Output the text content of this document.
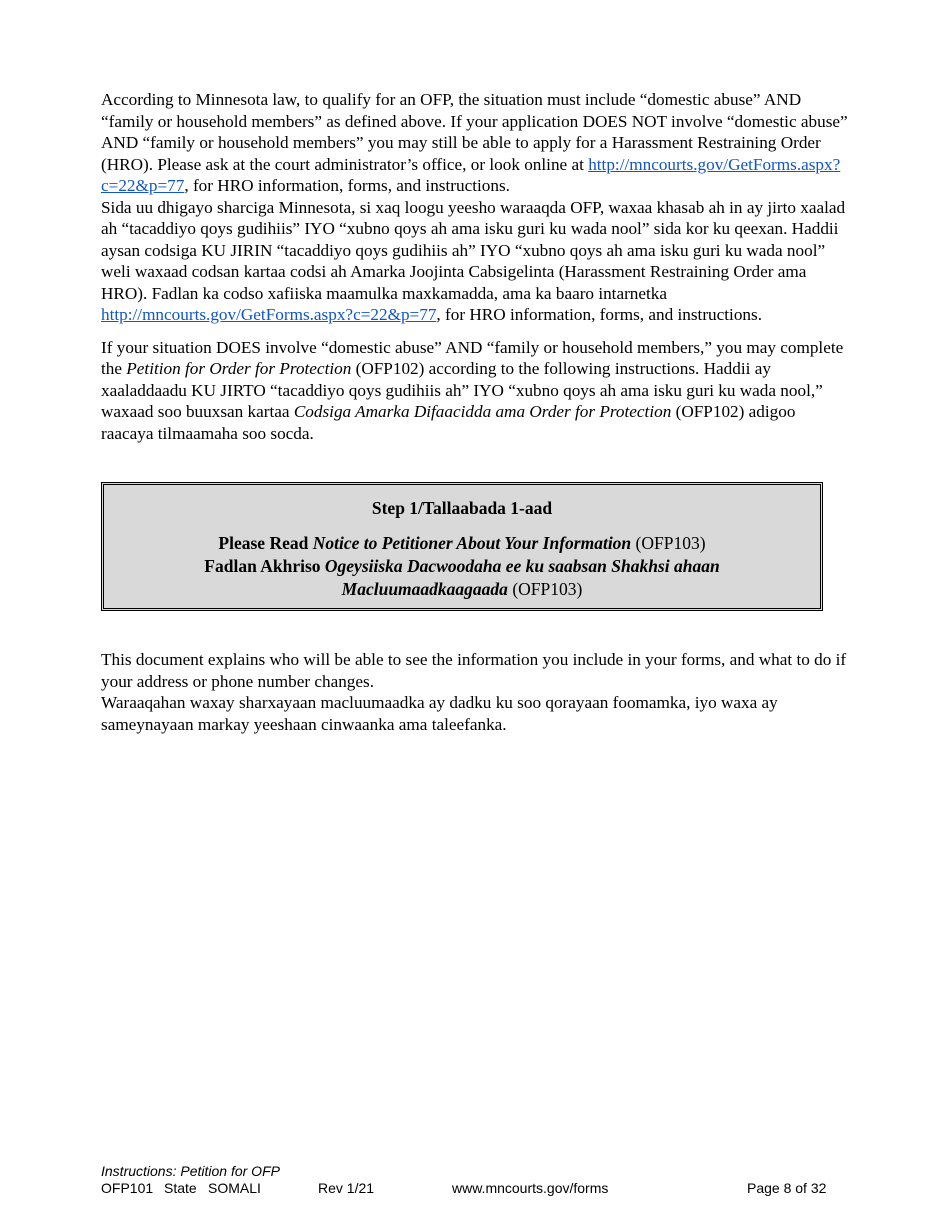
According to Minnesota law, to qualify for an OFP, the situation must include “domestic abuse” AND “family or household members” as defined above. If your application DOES NOT involve “domestic abuse” AND “family or household members” you may still be able to apply for a Harassment Restraining Order (HRO). Please ask at the court administrator’s office, or look online at http://mncourts.gov/GetForms.aspx?c=22&p=77, for HRO information, forms, and instructions.

Sida uu dhigayo sharciga Minnesota, si xaq loogu yeesho waraaqda OFP, waxaa khasab ah in ay jirto xaalad ah “tacaddiyo qoys gudihiis” IYO “xubno qoys ah ama isku guri ku wada nool” sida kor ku qeexan. Haddii aysan codsiga KU JIRIN “tacaddiyo qoys gudihiis ah” IYO “xubno qoys ah ama isku guri ku wada nool” weli waxaad codsan kartaa codsi ah Amarka Joojinta Cabsigelinta (Harassment Restraining Order ama HRO). Fadlan ka codso xafiiska maamulka maxkamadda, ama ka baaro intarnetka http://mncourts.gov/GetForms.aspx?c=22&p=77, for HRO information, forms, and instructions.

If your situation DOES involve “domestic abuse” AND “family or household members,” you may complete the Petition for Order for Protection (OFP102) according to the following instructions. Haddii ay xaaladdaadu KU JIRTO “tacaddiyo qoys gudihiis ah” IYO “xubno qoys ah ama isku guri ku wada nool,” waxaad soo buuxsan kartaa Codsiga Amarka Difaacidda ama Order for Protection (OFP102) adigoo raacaya tilmaamaha soo socda.

Step 1/Tallaabada 1-aad
Please Read Notice to Petitioner About Your Information (OFP103)
Fadlan Akhriso Ogeysiiska Dacwoodaha ee ku saabsan Shakhsi ahaan
Macluumaadkaagaada (OFP103)

This document explains who will be able to see the information you include in your forms, and what to do if your address or phone number changes.

Waraaqahan waxay sharxayaan macluumaadka ay dadku ku soo qorayaan foomamka, iyo waxa ay sameynayaan markay yeeshaan cinwaanka ama taleefanka.

Instructions: Petition for OFP
OFP101 State SOMALI	Rev 1/21	www.mncourts.gov/forms	Page 8 of 32
